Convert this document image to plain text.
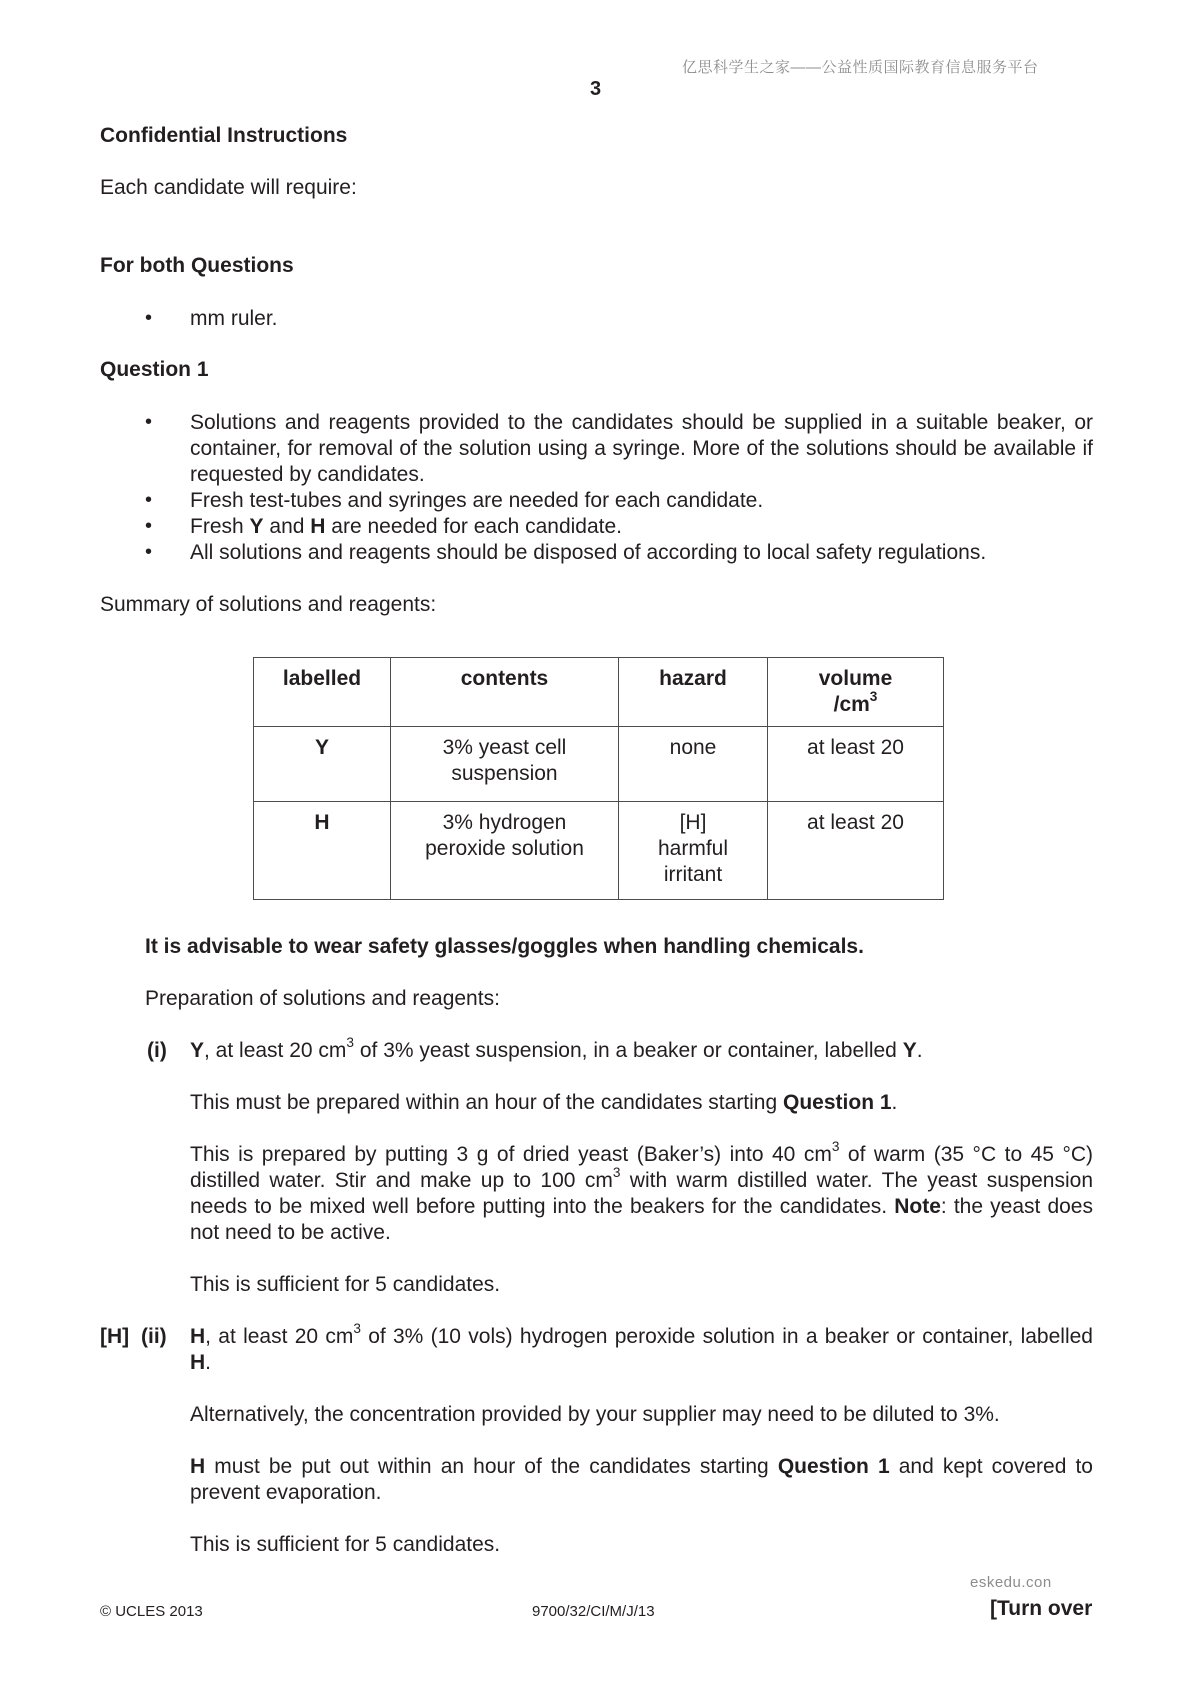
亿思科学生之家——公益性质国际教育信息服务平台
3
Confidential Instructions
Each candidate will require:
For both Questions
• mm ruler.
Question 1
• Solutions and reagents provided to the candidates should be supplied in a suitable beaker, or container, for removal of the solution using a syringe. More of the solutions should be available if requested by candidates.
• Fresh test-tubes and syringes are needed for each candidate.
• Fresh Y and H are needed for each candidate.
• All solutions and reagents should be disposed of according to local safety regulations.
Summary of solutions and reagents:
labelled	contents	hazard	volume
$/cm^3$
Y	3% yeast cell
suspension	none	at least 20
H	3% hydrogen
peroxide solution	[H]
harmful
irritant	at least 20
It is advisable to wear safety glasses/goggles when handling chemicals.
Preparation of solutions and reagents:
(i) Y, at least 20 $cm^3$ of 3% yeast suspension, in a beaker or container, labelled Y.
This must be prepared within an hour of the candidates starting Question 1.
This is prepared by putting 3 g of dried yeast (Baker’s) into 40 $cm^3$ of warm (35 °C to 45 °C) distilled water. Stir and make up to 100 $cm^3$ with warm distilled water. The yeast suspension needs to be mixed well before putting into the beakers for the candidates. Note: the yeast does not need to be active.
This is sufficient for 5 candidates.
[H] (ii) H, at least 20 $cm^3$ of 3% (10 vols) hydrogen peroxide solution in a beaker or container, labelled H.
Alternatively, the concentration provided by your supplier may need to be diluted to 3%.
H must be put out within an hour of the candidates starting Question 1 and kept covered to prevent evaporation.
This is sufficient for 5 candidates.
eskedu.con
© UCLES 2013	9700/32/CI/M/J/13	[Turn over
